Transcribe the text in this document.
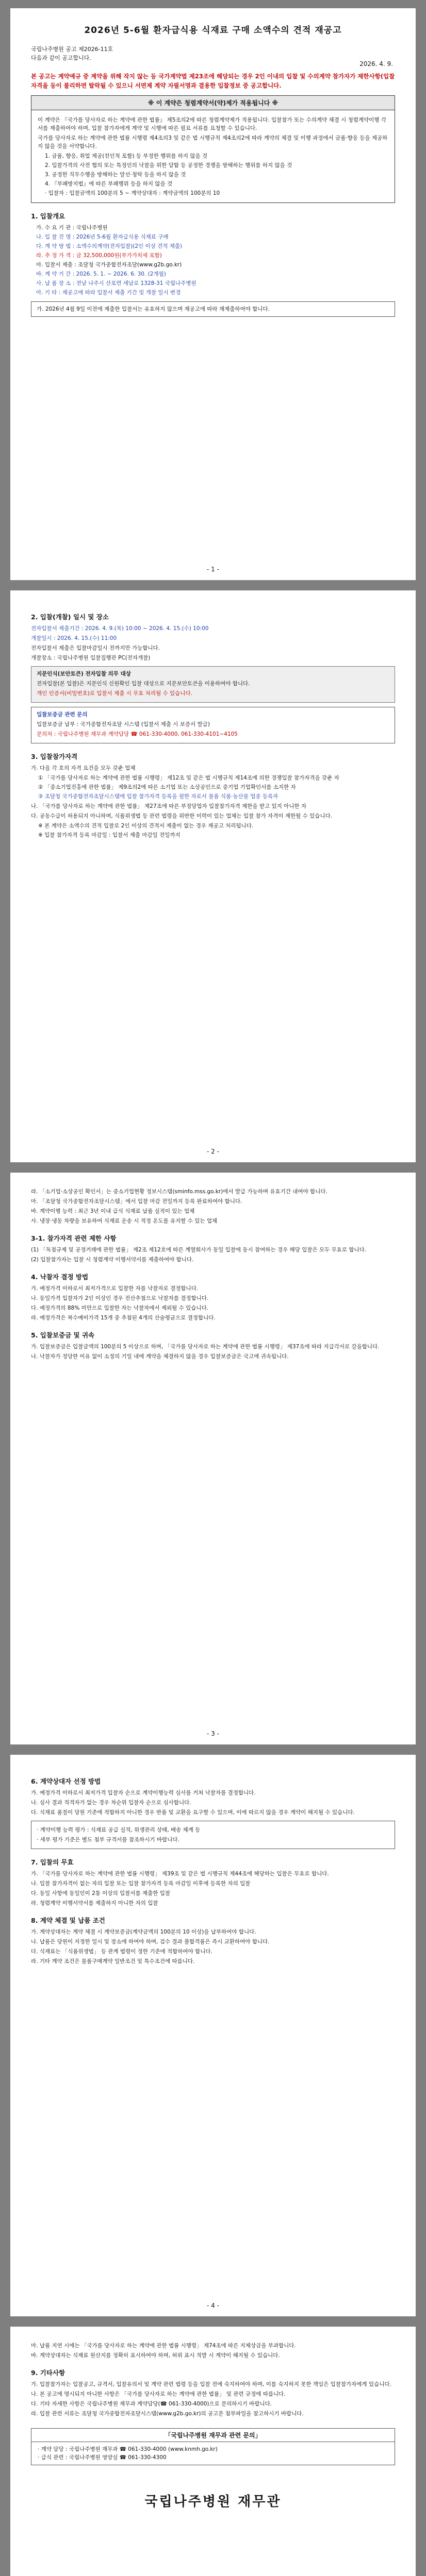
2026년 5-6월 환자급식용 식재료 구매 소액수의 견적 재공고
국립나주병원 공고 제2026-11호
다음과 같이 공고합니다.
2026. 4. 9.
본 공고는 계약예규 중 계약을 위해 작지 않는 등 국가계약법 제23조에 해당되는 경우 2인 이내의 입찰 및 수의계약 참가자가 제한사항(입찰자격을 등이 불리하면 탈락될 수 있으니 서면제 계약 자필서명과 결용한 입찰정보 중 공고합니다.
※ 이 계약은 청렴계약서(약)제가 적용됩니다 ※
이 계약은 『국가를 당사자로 하는 계약에 관한 법률』 제5조의2에 따른 청렴계약제가 적용됩니다. 입찰참가 또는 수의계약 체결 시 청렴계약이행 각서를 제출하여야 하며, 입찰 참가자에게 계약 및 시행에 따른 필요 서류를 요청할 수 있습니다.
국가를 당사자로 하는 계약에 관한 법률 시행령 제4조의3 및 같은 법 시행규칙 제4조의2에 따라 계약의 체결 및 이행 과정에서 금품·향응 등을 제공하지 않을 것을 서약합니다.
1. 금품, 향응, 취업 제공(친인척 포함) 등 부정한 행위를 하지 않을 것
2. 입찰가격의 사전 협의 또는 특정인의 낙찰을 위한 담합 등 공정한 경쟁을 방해하는 행위를 하지 않을 것
3. 공정한 직무수행을 방해하는 알선·청탁 등을 하지 않을 것
4. 『부패방지법』에 따른 부패행위 등을 하지 않을 것
· 입찰자 : 입찰금액의 100분의 5 ~ 계약상대자 : 계약금액의 100분의 10
1. 입찰개요
가. 수 요 기 관 : 국립나주병원
나. 입 찰 건 명 : 2026년 5-6월 환자급식용 식재료 구매
다. 계 약 방 법 : 소액수의계약(전자입찰)(2인 이상 견적 제출)
라. 추 정 가 격 : 금 32,500,000원(부가가치세 포함)
마. 입찰서 제출 : 조달청 국가종합전자조달(www.g2b.go.kr)
바. 계 약 기 간 : 2026. 5. 1. ~ 2026. 6. 30. (2개월)
사. 납 품 장 소 : 전남 나주시 산포면 세남로 1328-31 국립나주병원
아. 기 타 : 재공고에 따라 입찰서 제출 기간 및 개찰 일시 변경
가. 2026년 4월 9일 이전에 제출한 입찰서는 유효하지 않으며 재공고에 따라 재제출하여야 합니다.
- 1 -
2. 입찰(개찰) 일시 및 장소
전자입찰서 제출기간 : 2026. 4. 9.(목) 10:00 ~ 2026. 4. 15.(수) 10:00
개찰일시 : 2026. 4. 15.(수) 11:00
전자입찰서 제출은 입찰마감일시 전까지만 가능합니다.
개찰장소 : 국립나주병원 입찰집행관 PC(전자개찰)
지문인식(보안토큰) 전자입찰 의무 대상
전자입찰(본 입찰)은 지문인식 신원확인 입찰 대상으로 지문보안토큰을 이용하여야 합니다.
개인 인증서(비밀번호)로 입찰서 제출 시 무효 처리될 수 있습니다.
입찰보증금 관련 문의
입찰보증금 납부 : 국가종합전자조달 시스템 (입찰서 제출 시 보증서 발급)
문의처 : 국립나주병원 재무과 계약담당 ☎ 061-330-4000, 061-330-4101~4105
3. 입찰참가자격
가. 다음 각 호의 자격 요건을 모두 갖춘 업체
① 「국가를 당사자로 하는 계약에 관한 법률 시행령」 제12조 및 같은 법 시행규칙 제14조에 의한 경쟁입찰 참가자격을 갖춘 자
② 「중소기업진흥에 관한 법률」 제9조의2에 따른 소기업 또는 소상공인으로 중기업 기업확인서를 소지한 자
③ 조달청 국가종합전자조달시스템에 입찰 참가자격 등록을 필한 자로서 물품 식품·농산물 업종 등록자
나. 「국가를 당사자로 하는 계약에 관한 법률」 제27조에 따른 부정당업자 입찰참가자격 제한을 받고 있지 아니한 자
다. 공동수급이 허용되지 아니하며, 식품위생법 등 관련 법령을 위반한 이력이 있는 업체는 입찰 참가 자격이 제한될 수 있습니다.
※ 본 계약은 소액수의 견적 입찰로 2인 이상의 견적서 제출이 없는 경우 재공고 처리됩니다.
※ 입찰 참가자격 등록 마감일 : 입찰서 제출 마감일 전일까지
- 2 -
라. 「소기업·소상공인 확인서」는 중소기업현황 정보시스템(sminfo.mss.go.kr)에서 발급 가능하며 유효기간 내여야 합니다.
마. 「조달청 국가종합전자조달시스템」에서 입찰 마감 전일까지 등록 완료하여야 합니다.
바. 계약이행 능력 : 최근 3년 이내 급식 식재료 납품 실적이 있는 업체
사. 냉장·냉동 차량을 보유하여 식재료 운송 시 적정 온도를 유지할 수 있는 업체
3-1. 참가자격 관련 제한 사항
(1) 「독점규제 및 공정거래에 관한 법률」 제2조 제12호에 따른 계열회사가 동일 입찰에 동시 참여하는 경우 해당 입찰은 모두 무효로 합니다.
(2) 입찰참가자는 입찰 시 청렴계약 이행서약서를 제출하여야 합니다.
4. 낙찰자 결정 방법
가. 예정가격 이하로서 최저가격으로 입찰한 자를 낙찰자로 결정합니다.
나. 동일가격 입찰자가 2인 이상인 경우 전산추첨으로 낙찰자를 결정합니다.
다. 예정가격의 88% 미만으로 입찰한 자는 낙찰자에서 제외될 수 있습니다.
라. 예정가격은 복수예비가격 15개 중 추첨된 4개의 산술평균으로 결정합니다.
5. 입찰보증금 및 귀속
가. 입찰보증금은 입찰금액의 100분의 5 이상으로 하며, 「국가를 당사자로 하는 계약에 관한 법률 시행령」 제37조에 따라 지급각서로 갈음합니다.
나. 낙찰자가 정당한 이유 없이 소정의 기일 내에 계약을 체결하지 않을 경우 입찰보증금은 국고에 귀속됩니다.
- 3 -
6. 계약상대자 선정 방법
가. 예정가격 이하로서 최저가격 입찰자 순으로 계약이행능력 심사를 거쳐 낙찰자를 결정합니다.
나. 심사 결과 적격자가 없는 경우 차순위 입찰자 순으로 심사합니다.
다. 식재료 품질이 당원 기준에 적합하지 아니한 경우 반품 및 교환을 요구할 수 있으며, 이에 따르지 않을 경우 계약이 해지될 수 있습니다.
· 계약이행 능력 평가 : 식재료 공급 실적, 위생관리 상태, 배송 체계 등
· 세부 평가 기준은 별도 첨부 규격서를 참조하시기 바랍니다.
7. 입찰의 무효
가. 「국가를 당사자로 하는 계약에 관한 법률 시행령」 제39조 및 같은 법 시행규칙 제44조에 해당하는 입찰은 무효로 합니다.
나. 입찰 참가자격이 없는 자의 입찰 또는 입찰 참가자격 등록 마감일 이후에 등록한 자의 입찰
다. 동일 사항에 동일인이 2통 이상의 입찰서를 제출한 입찰
라. 청렴계약 이행서약서를 제출하지 아니한 자의 입찰
8. 계약 체결 및 납품 조건
가. 계약상대자는 계약 체결 시 계약보증금(계약금액의 100분의 10 이상)을 납부하여야 합니다.
나. 납품은 당원이 지정한 일시 및 장소에 하여야 하며, 검수 결과 불합격품은 즉시 교환하여야 합니다.
다. 식재료는 「식품위생법」 등 관계 법령이 정한 기준에 적합하여야 합니다.
라. 기타 계약 조건은 물품구매계약 일반조건 및 특수조건에 따릅니다.
- 4 -
마. 납품 지연 시에는 「국가를 당사자로 하는 계약에 관한 법률 시행령」 제74조에 따른 지체상금을 부과합니다.
바. 계약상대자는 식재료 원산지를 정확히 표시하여야 하며, 허위 표시 적발 시 계약이 해지될 수 있습니다.
9. 기타사항
가. 입찰참가자는 입찰공고, 규격서, 입찰유의서 및 계약 관련 법령 등을 입찰 전에 숙지하여야 하며, 이를 숙지하지 못한 책임은 입찰참가자에게 있습니다.
나. 본 공고에 명시되지 아니한 사항은 「국가를 당사자로 하는 계약에 관한 법률」 및 관련 규정에 따릅니다.
다. 기타 자세한 사항은 국립나주병원 재무과 계약담당(☎ 061-330-4000)으로 문의하시기 바랍니다.
라. 입찰 관련 서류는 조달청 국가종합전자조달시스템(www.g2b.go.kr)의 공고문 첨부파일을 참고하시기 바랍니다.
「국립나주병원 재무과 관련 문의」
· 계약 담당 : 국립나주병원 재무과 ☎ 061-330-4000 (www.knmh.go.kr)
· 급식 관련 : 국립나주병원 영양실 ☎ 061-330-4300
국립나주병원 재무관
